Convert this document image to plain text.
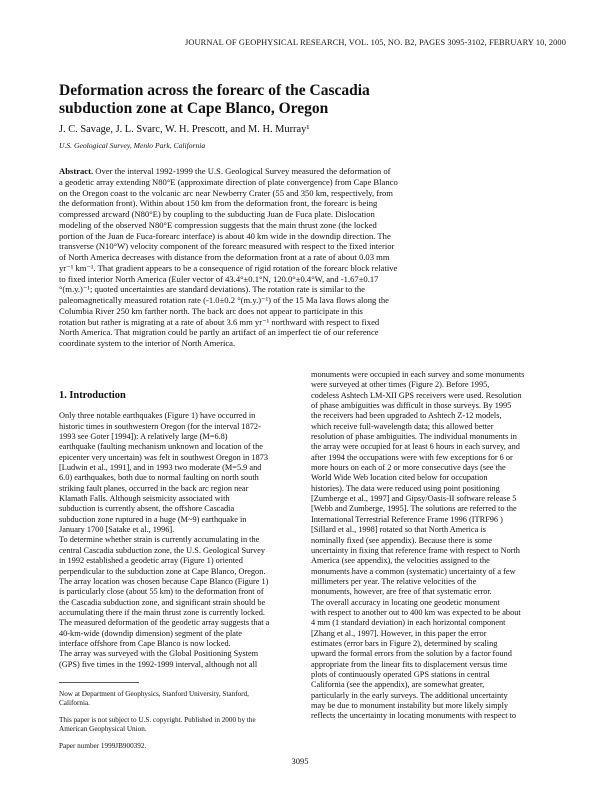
JOURNAL OF GEOPHYSICAL RESEARCH, VOL. 105, NO. B2, PAGES 3095-3102, FEBRUARY 10, 2000
Deformation across the forearc of the Cascadia
subduction zone at Cape Blanco, Oregon
J. C. Savage, J. L. Svarc, W. H. Prescott, and M. H. Murray¹
U.S. Geological Survey, Menlo Park, California

Abstract. Over the interval 1992-1999 the U.S. Geological Survey measured the deformation of
a geodetic array extending N80°E (approximate direction of plate convergence) from Cape Blanco
on the Oregon coast to the volcanic arc near Newberry Crater (55 and 350 km, respectively, from
the deformation front). Within about 150 km from the deformation front, the forearc is being
compressed arcward (N80°E) by coupling to the subducting Juan de Fuca plate. Dislocation
modeling of the observed N80°E compression suggests that the main thrust zone (the locked
portion of the Juan de Fuca-forearc interface) is about 40 km wide in the downdip direction. The
transverse (N10°W) velocity component of the forearc measured with respect to the fixed interior
of North America decreases with distance from the deformation front at a rate of about 0.03 mm
yr⁻¹ km⁻¹. That gradient appears to be a consequence of rigid rotation of the forearc block relative
to fixed interior North America (Euler vector of 43.4°±0.1°N, 120.0°±0.4°W, and -1.67±0.17
°(m.y.)⁻¹; quoted uncertainties are standard deviations). The rotation rate is similar to the
paleomagnetically measured rotation rate (-1.0±0.2 °(m.y.)⁻¹) of the 15 Ma lava flows along the
Columbia River 250 km farther north. The back arc does not appear to participate in this
rotation but rather is migrating at a rate of about 3.6 mm yr⁻¹ northward with respect to fixed
North America. That migration could be partly an artifact of an imperfect tie of our reference
coordinate system to the interior of North America.

1. Introduction
Only three notable earthquakes (Figure 1) have occurred in
historic times in southwestern Oregon (for the interval 1872-
1993 see Goter [1994]): A relatively large (M=6.8)
earthquake (faulting mechanism unknown and location of the
epicenter very uncertain) was felt in southwest Oregon in 1873
[Ludwin et al., 1991], and in 1993 two moderate (M=5.9 and
6.0) earthquakes, both due to normal faulting on north south
striking fault planes, occurred in the back arc region near
Klamath Falls. Although seismicity associated with
subduction is currently absent, the offshore Cascadia
subduction zone ruptured in a huge (M~9) earthquake in
January 1700 [Satake et al., 1996].
To determine whether strain is currently accumulating in the
central Cascadia subduction zone, the U.S. Geological Survey
in 1992 established a geodetic array (Figure 1) oriented
perpendicular to the subduction zone at Cape Blanco, Oregon.
The array location was chosen because Cape Blanco (Figure 1)
is particularly close (about 55 km) to the deformation front of
the Cascadia subduction zone, and significant strain should be
accumulating there if the main thrust zone is currently locked.
The measured deformation of the geodetic array suggests that a
40-km-wide (downdip dimension) segment of the plate
interface offshore from Cape Blanco is now locked.
The array was surveyed with the Global Positioning System
(GPS) five times in the 1992-1999 interval, although not all
monuments were occupied in each survey and some monuments
were surveyed at other times (Figure 2). Before 1995,
codeless Ashtech LM-XII GPS receivers were used. Resolution
of phase ambiguities was difficult in those surveys. By 1995
the receivers had been upgraded to Ashtech Z-12 models,
which receive full-wavelength data; this allowed better
resolution of phase ambiguities. The individual monuments in
the array were occupied for at least 6 hours in each survey, and
after 1994 the occupations were with few exceptions for 6 or
more hours on each of 2 or more consecutive days (see the
World Wide Web location cited below for occupation
histories). The data were reduced using point positioning
[Zumberge et al., 1997] and Gipsy/Oasis-II software release 5
[Webb and Zumberge, 1995]. The solutions are referred to the
International Terrestrial Reference Frame 1996 (ITRF96 )
[Sillard et al., 1998] rotated so that North America is
nominally fixed (see appendix). Because there is some
uncertainty in fixing that reference frame with respect to North
America (see appendix), the velocities assigned to the
monuments have a common (systematic) uncertainty of a few
millimeters per year. The relative velocities of the
monuments, however, are free of that systematic error.
The overall accuracy in locating one geodetic monument
with respect to another out to 400 km was expected to be about
4 mm (1 standard deviation) in each horizontal component
[Zhang et al., 1997]. However, in this paper the error
estimates (error bars in Figure 2), determined by scaling
upward the formal errors from the solution by a factor found
appropriate from the linear fits to displacement versus time
plots of continuously operated GPS stations in central
California (see the appendix), are somewhat greater,
particularly in the early surveys. The additional uncertainty
may be due to monument instability but more likely simply
reflects the uncertainty in locating monuments with respect to
Now at Department of Geophysics, Stanford University, Stanford,
California.
This paper is not subject to U.S. copyright. Published in 2000 by the
American Geophysical Union.
Paper number 1999JB900392.
3095
